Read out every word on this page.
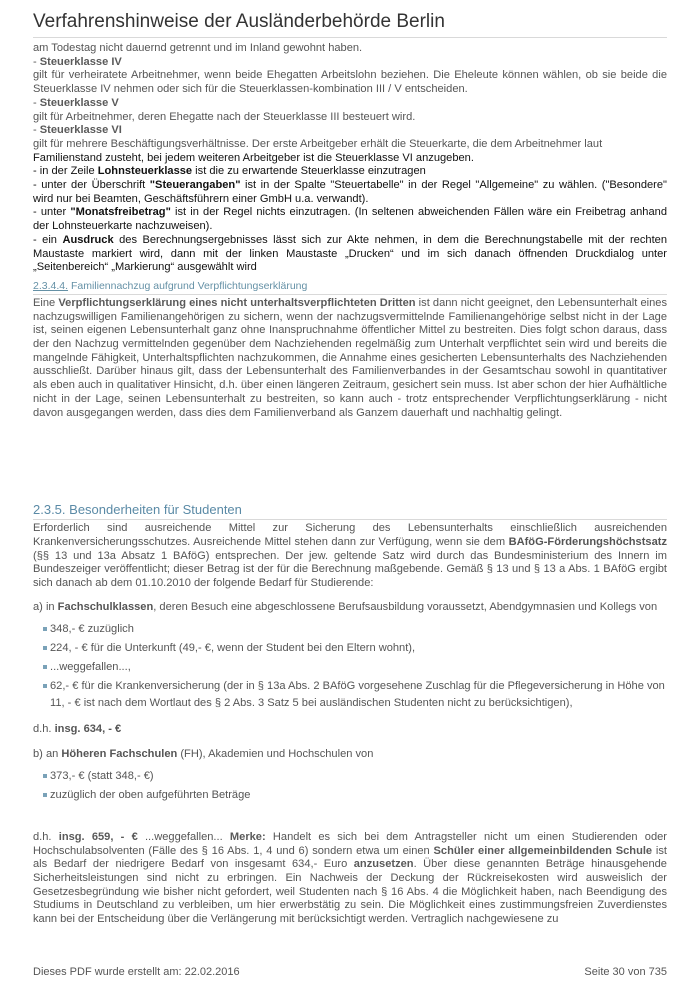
Verfahrenshinweise der Ausländerbehörde Berlin

am Todestag nicht dauernd getrennt und im Inland gewohnt haben.

- Steuerklasse IV

gilt für verheiratete Arbeitnehmer, wenn beide Ehegatten Arbeitslohn beziehen. Die Eheleute können wählen, ob sie beide die Steuerklasse IV nehmen oder sich für die Steuerklassen-kombination III / V entscheiden.

- Steuerklasse V

gilt für Arbeitnehmer, deren Ehegatte nach der Steuerklasse III besteuert wird.

- Steuerklasse VI

gilt für mehrere Beschäftigungsverhältnisse. Der erste Arbeitgeber erhält die Steuerkarte, die dem Arbeitnehmer laut

Familienstand zusteht, bei jedem weiteren Arbeitgeber ist die Steuerklasse VI anzugeben.

- in der Zeile Lohnsteuerklasse ist die zu erwartende Steuerklasse einzutragen

- unter der Überschrift "Steuerangaben" ist in der Spalte "Steuertabelle" in der Regel "Allgemeine" zu wählen. ("Besondere" wird nur bei Beamten, Geschäftsführern einer GmbH u.a. verwandt).

- unter "Monatsfreibetrag" ist in der Regel nichts einzutragen. (In seltenen abweichenden Fällen wäre ein Freibetrag anhand der Lohnsteuerkarte nachzuweisen).

- ein Ausdruck des Berechnungsergebnisses lässt sich zur Akte nehmen, in dem die Berechnungstabelle mit der rechten Maustaste markiert wird, dann mit der linken Maustaste „Drucken“ und im sich danach öffnenden Druckdialog unter „Seitenbereich“ „Markierung“ ausgewählt wird

2.3.4.4. Familiennachzug aufgrund Verpflichtungserklärung

Eine Verpflichtungserklärung eines nicht unterhaltsverpflichteten Dritten ist dann nicht geeignet, den Lebensunterhalt eines nachzugswilligen Familienangehörigen zu sichern, wenn der nachzugsvermittelnde Familienangehörige selbst nicht in der Lage ist, seinen eigenen Lebensunterhalt ganz ohne Inanspruchnahme öffentlicher Mittel zu bestreiten. Dies folgt schon daraus, dass der den Nachzug vermittelnden gegenüber dem Nachziehenden regelmäßig zum Unterhalt verpflichtet sein wird und bereits die mangelnde Fähigkeit, Unterhaltspflichten nachzukommen, die Annahme eines gesicherten Lebensunterhalts des Nachziehenden ausschließt. Darüber hinaus gilt, dass der Lebensunterhalt des Familienverbandes in der Gesamtschau sowohl in quantitativer als eben auch in qualitativer Hinsicht, d.h. über einen längeren Zeitraum, gesichert sein muss. Ist aber schon der hier Aufhältliche nicht in der Lage, seinen Lebensunterhalt zu bestreiten, so kann auch - trotz entsprechender Verpflichtungserklärung - nicht davon ausgegangen werden, dass dies dem Familienverband als Ganzem dauerhaft und nachhaltig gelingt.

2.3.5. Besonderheiten für Studenten

Erforderlich sind ausreichende Mittel zur Sicherung des Lebensunterhalts einschließlich ausreichenden Krankenversicherungsschutzes. Ausreichende Mittel stehen dann zur Verfügung, wenn sie dem BAföG-Förderungshöchstsatz (§§ 13 und 13a Absatz 1 BAföG) entsprechen. Der jew. geltende Satz wird durch das Bundesministerium des Innern im Bundeszeiger veröffentlicht; dieser Betrag ist der für die Berechnung maßgebende. Gemäß § 13 und § 13 a Abs. 1 BAföG ergibt sich danach ab dem 01.10.2010 der folgende Bedarf für Studierende:

a) in Fachschulklassen, deren Besuch eine abgeschlossene Berufsausbildung voraussetzt, Abendgymnasien und Kollegs von

348,- € zuzüglich
224, - € für die Unterkunft (49,- €, wenn der Student bei den Eltern wohnt),
...weggefallen...,
62,- € für die Krankenversicherung (der in § 13a Abs. 2 BAföG vorgesehene Zuschlag für die Pflegeversicherung in Höhe von 11, - € ist nach dem Wortlaut des § 2 Abs. 3 Satz 5 bei ausländischen Studenten nicht zu berücksichtigen),

d.h. insg. 634, - €

b) an Höheren Fachschulen (FH), Akademien und Hochschulen von

373,- € (statt 348,- €)
zuzüglich der oben aufgeführten Beträge

d.h. insg. 659, - € ...weggefallen... Merke: Handelt es sich bei dem Antragsteller nicht um einen Studierenden oder Hochschulabsolventen (Fälle des § 16 Abs. 1, 4 und 6) sondern etwa um einen Schüler einer allgemeinbildenden Schule ist als Bedarf der niedrigere Bedarf von insgesamt 634,- Euro anzusetzen. Über diese genannten Beträge hinausgehende Sicherheitsleistungen sind nicht zu erbringen. Ein Nachweis der Deckung der Rückreisekosten wird ausweislich der Gesetzesbegründung wie bisher nicht gefordert, weil Studenten nach § 16 Abs. 4 die Möglichkeit haben, nach Beendigung des Studiums in Deutschland zu verbleiben, um hier erwerbstätig zu sein. Die Möglichkeit eines zustimmungsfreien Zuverdienstes kann bei der Entscheidung über die Verlängerung mit berücksichtigt werden. Vertraglich nachgewiesene zu

Dieses PDF wurde erstellt am: 22.02.2016	Seite 30 von 735
